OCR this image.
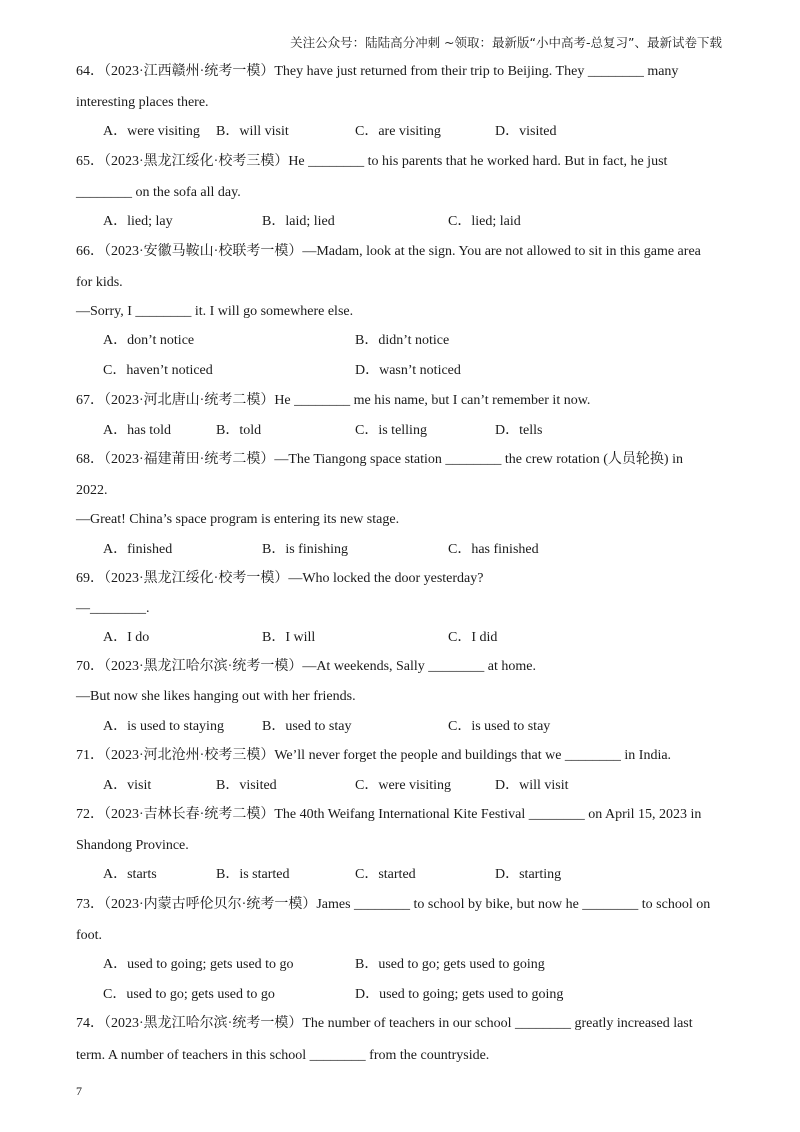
关注公众号：陆陆高分冲刺 ~领取：最新版“小中高考-总复习”、最新试卷下载
64．（2023·江西赣州·统考一模）They have just returned from their trip to Beijing. They ________ many
interesting places there.
A．were visiting B．will visit	C．are visiting	D．visited
65．（2023·黑龙江绥化·校考三模）He ________ to his parents that he worked hard. But in fact, he just
________ on the sofa all day.
A．lied; lay	B．laid; lied	C．lied; laid
66．（2023·安徽马鞍山·校联考一模）—Madam, look at the sign. You are not allowed to sit in this game area
for kids.
—Sorry, I ________ it. I will go somewhere else.
A．don’t notice	B．didn’t notice
C．haven’t noticed	D．wasn’t noticed
67．（2023·河北唐山·统考二模）He ________ me his name, but I can’t remember it now.
A．has told	B．told	C．is telling	D．tells
68．（2023·福建莆田·统考二模）—The Tiangong space station ________ the crew rotation (人员轮换) in
2022.
—Great! China’s space program is entering its new stage.
A．finished	B．is finishing	C．has finished
69．（2023·黑龙江绥化·校考一模）—Who locked the door yesterday?
—________.
A．I do	B．I will	C．I did
70．（2023·黑龙江哈尔滨·统考一模）—At weekends, Sally ________ at home.
—But now she likes hanging out with her friends.
A．is used to staying	B．used to stay	C．is used to stay
71．（2023·河北沧州·校考三模）We’ll never forget the people and buildings that we ________ in India.
A．visit	B．visited	C．were visiting	D．will visit
72．（2023·吉林长春·统考二模）The 40th Weifang International Kite Festival ________ on April 15, 2023 in
Shandong Province.
A．starts	B．is started	C．started	D．starting
73．（2023·内蒙古呼伦贝尔·统考一模）James ________ to school by bike, but now he ________ to school on
foot.
A．used to going; gets used to go	B．used to go; gets used to going
C．used to go; gets used to go	D．used to going; gets used to going
74．（2023·黑龙江哈尔滨·统考一模）The number of teachers in our school ________ greatly increased last
term. A number of teachers in this school ________ from the countryside.
7
